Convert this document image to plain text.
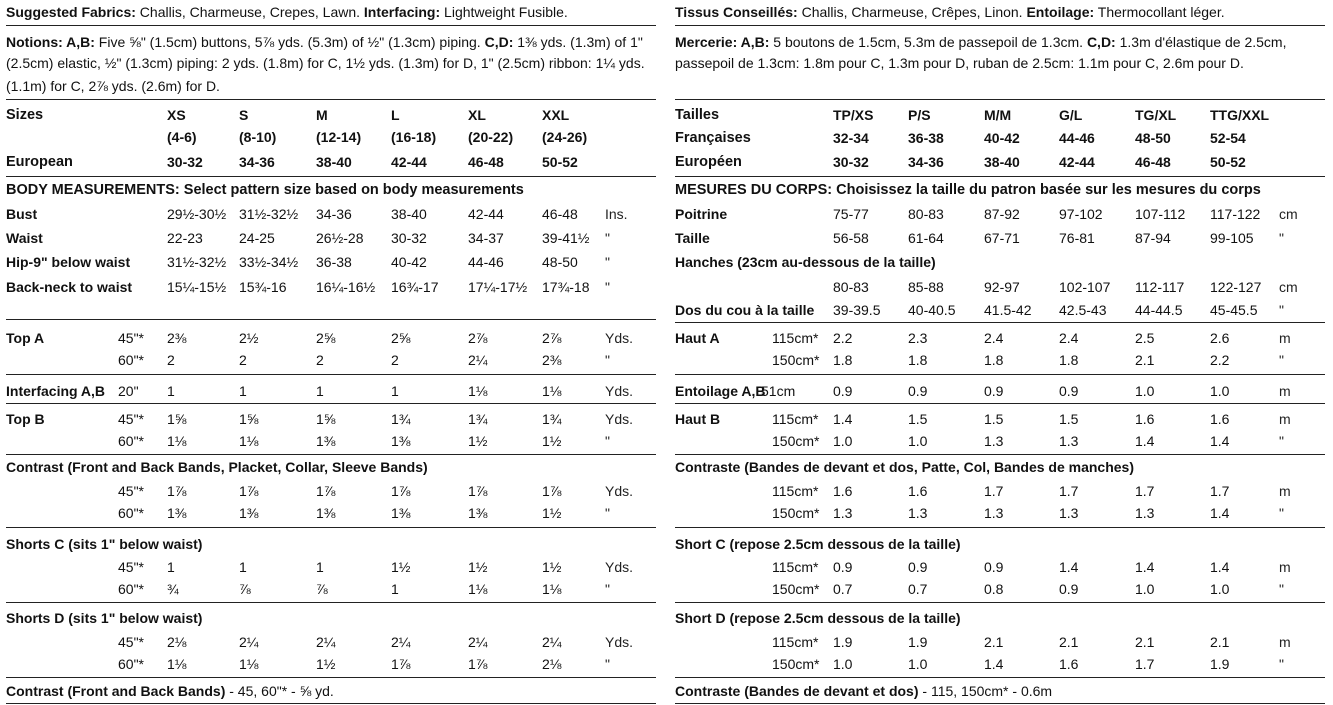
Suggested Fabrics: Challis, Charmeuse, Crepes, Lawn. Interfacing: Lightweight Fusible.
Notions: A,B: Five ⅝" (1.5cm) buttons, 5⅞ yds. (5.3m) of ½" (1.3cm) piping. C,D: 1⅜ yds. (1.3m) of 1"
(2.5cm) elastic, ½" (1.3cm) piping: 2 yds. (1.8m) for C, 1½ yds. (1.3m) for D, 1" (2.5cm) ribbon: 1¼ yds.
(1.1m) for C, 2⅞ yds. (2.6m) for D.
Sizes	XS	S	M	L	XL	XXL
(4-6)	(8-10)	(12-14) (16-18) (20-22) (24-26)
European	30-32	34-36	38-40	42-44	46-48	50-52
BODY MEASUREMENTS: Select pattern size based on body measurements
Bust	29½-30½ 31½-32½ 34-36	38-40	42-44	46-48 Ins.
Waist	22-23	24-25	26½-28 30-32	34-37	39-41½ "
Hip-9" below waist	31½-32½ 33½-34½ 36-38	40-42	44-46	48-50 "
Back-neck to waist 15¼-15½ 15¾-16 16¼-16½ 16¾-17 17¼-17½ 17¾-18 "
Top A	45"* 2⅜	2½	2⅝	2⅝	2⅞	2⅞	Yds.
60"* 2	2	2	2	2¼	2⅜	"
Interfacing A,B 20" 1	1	1	1	1⅛	1⅛	Yds.
Top B	45"* 1⅝	1⅝	1⅝	1¾	1¾	1¾	Yds.
60"* 1⅛	1⅛	1⅜	1⅜	1½	1½	"
Contrast (Front and Back Bands, Placket, Collar, Sleeve Bands)
45"* 1⅞	1⅞	1⅞	1⅞	1⅞	1⅞	Yds.
60"* 1⅜	1⅜	1⅜	1⅜	1⅜	1½	"
Shorts C (sits 1" below waist)
45"* 1	1	1	1½	1½	1½	Yds.
60"* ¾	⅞	⅞	1	1⅛	1⅛	"
Shorts D (sits 1" below waist)
45"* 2⅛	2¼	2¼	2¼	2¼	2¼	Yds.
60"* 1⅛	1⅛	1½	1⅞	1⅞	2⅛	"
Contrast (Front and Back Bands) - 45, 60"* - ⅝ yd.
Tissus Conseillés: Challis, Charmeuse, Crêpes, Linon. Entoilage: Thermocollant léger.
Mercerie: A,B: 5 boutons de 1.5cm, 5.3m de passepoil de 1.3cm. C,D: 1.3m d'élastique de 2.5cm,
passepoil de 1.3cm: 1.8m pour C, 1.3m pour D, ruban de 2.5cm: 1.1m pour C, 2.6m pour D.
Tailles	TP/XS P/S	M/M	G/L	TG/XL TTG/XXL
Françaises	32-34	36-38	40-42	44-46	48-50	52-54
Européen	30-32	34-36	38-40	42-44	46-48	50-52
MESURES DU CORPS: Choisissez la taille du patron basée sur les mesures du corps
Poitrine	75-77	80-83	87-92	97-102 107-112 117-122 cm
Taille	56-58	61-64	67-71	76-81	87-94	99-105 "
Hanches (23cm au-dessous de la taille)
80-83	85-88	92-97	102-107 112-117 122-127 cm
Dos du cou à la taille 39-39.5 40-40.5 41.5-42 42.5-43 44-44.5 45-45.5 "
Haut A	115cm* 2.2	2.3	2.4	2.4	2.5	2.6	m
150cm* 1.8	1.8	1.8	1.8	2.1	2.2	"
Entoilage A,B
51cm	0.9	0.9	0.9	0.9	1.0	1.0	m
Haut B	115cm* 1.4	1.5	1.5	1.5	1.6	1.6	m
150cm* 1.0	1.0	1.3	1.3	1.4	1.4	"
Contraste (Bandes de devant et dos, Patte, Col, Bandes de manches)
115cm* 1.6	1.6	1.7	1.7	1.7	1.7	m
150cm* 1.3	1.3	1.3	1.3	1.3	1.4	"
Short C (repose 2.5cm dessous de la taille)
115cm* 0.9	0.9	0.9	1.4	1.4	1.4	m
150cm* 0.7	0.7	0.8	0.9	1.0	1.0	"
Short D (repose 2.5cm dessous de la taille)
115cm* 1.9	1.9	2.1	2.1	2.1	2.1	m
150cm* 1.0	1.0	1.4	1.6	1.7	1.9	"
Contraste (Bandes de devant et dos) - 115, 150cm* - 0.6m
